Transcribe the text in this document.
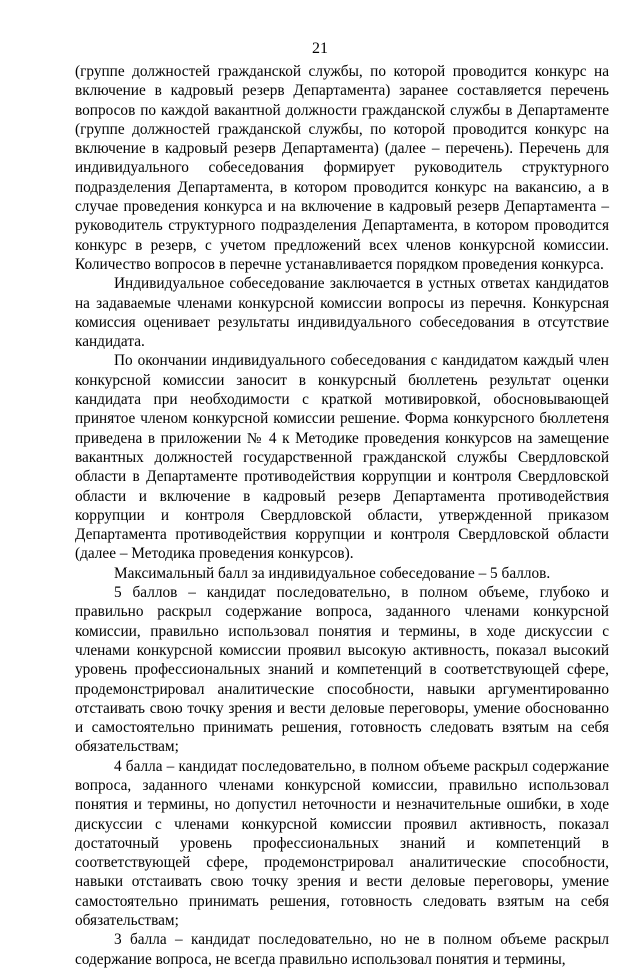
21

(группе должностей гражданской службы, по которой проводится конкурс на включение в кадровый резерв Департамента) заранее составляется перечень вопросов по каждой вакантной должности гражданской службы в Департаменте (группе должностей гражданской службы, по которой проводится конкурс на включение в кадровый резерв Департамента) (далее – перечень). Перечень для индивидуального собеседования формирует руководитель структурного подразделения Департамента, в котором проводится конкурс на вакансию, а в случае проведения конкурса и на включение в кадровый резерв Департамента – руководитель структурного подразделения Департамента, в котором проводится конкурс в резерв, с учетом предложений всех членов конкурсной комиссии. Количество вопросов в перечне устанавливается порядком проведения конкурса.

Индивидуальное собеседование заключается в устных ответах кандидатов на задаваемые членами конкурсной комиссии вопросы из перечня. Конкурсная комиссия оценивает результаты индивидуального собеседования в отсутствие кандидата.

По окончании индивидуального собеседования с кандидатом каждый член конкурсной комиссии заносит в конкурсный бюллетень результат оценки кандидата при необходимости с краткой мотивировкой, обосновывающей принятое членом конкурсной комиссии решение. Форма конкурсного бюллетеня приведена в приложении № 4 к Методике проведения конкурсов на замещение вакантных должностей государственной гражданской службы Свердловской области в Департаменте противодействия коррупции и контроля Свердловской области и включение в кадровый резерв Департамента противодействия коррупции и контроля Свердловской области, утвержденной приказом Департамента противодействия коррупции и контроля Свердловской области (далее – Методика проведения конкурсов).

Максимальный балл за индивидуальное собеседование – 5 баллов.

5 баллов – кандидат последовательно, в полном объеме, глубоко и правильно раскрыл содержание вопроса, заданного членами конкурсной комиссии, правильно использовал понятия и термины, в ходе дискуссии с членами конкурсной комиссии проявил высокую активность, показал высокий уровень профессиональных знаний и компетенций в соответствующей сфере, продемонстрировал аналитические способности, навыки аргументированно отстаивать свою точку зрения и вести деловые переговоры, умение обоснованно и самостоятельно принимать решения, готовность следовать взятым на себя обязательствам;

4 балла – кандидат последовательно, в полном объеме раскрыл содержание вопроса, заданного членами конкурсной комиссии, правильно использовал понятия и термины, но допустил неточности и незначительные ошибки, в ходе дискуссии с членами конкурсной комиссии проявил активность, показал достаточный уровень профессиональных знаний и компетенций в соответствующей сфере, продемонстрировал аналитические способности, навыки отстаивать свою точку зрения и вести деловые переговоры, умение самостоятельно принимать решения, готовность следовать взятым на себя обязательствам;

3 балла – кандидат последовательно, но не в полном объеме раскрыл содержание вопроса, не всегда правильно использовал понятия и термины,
